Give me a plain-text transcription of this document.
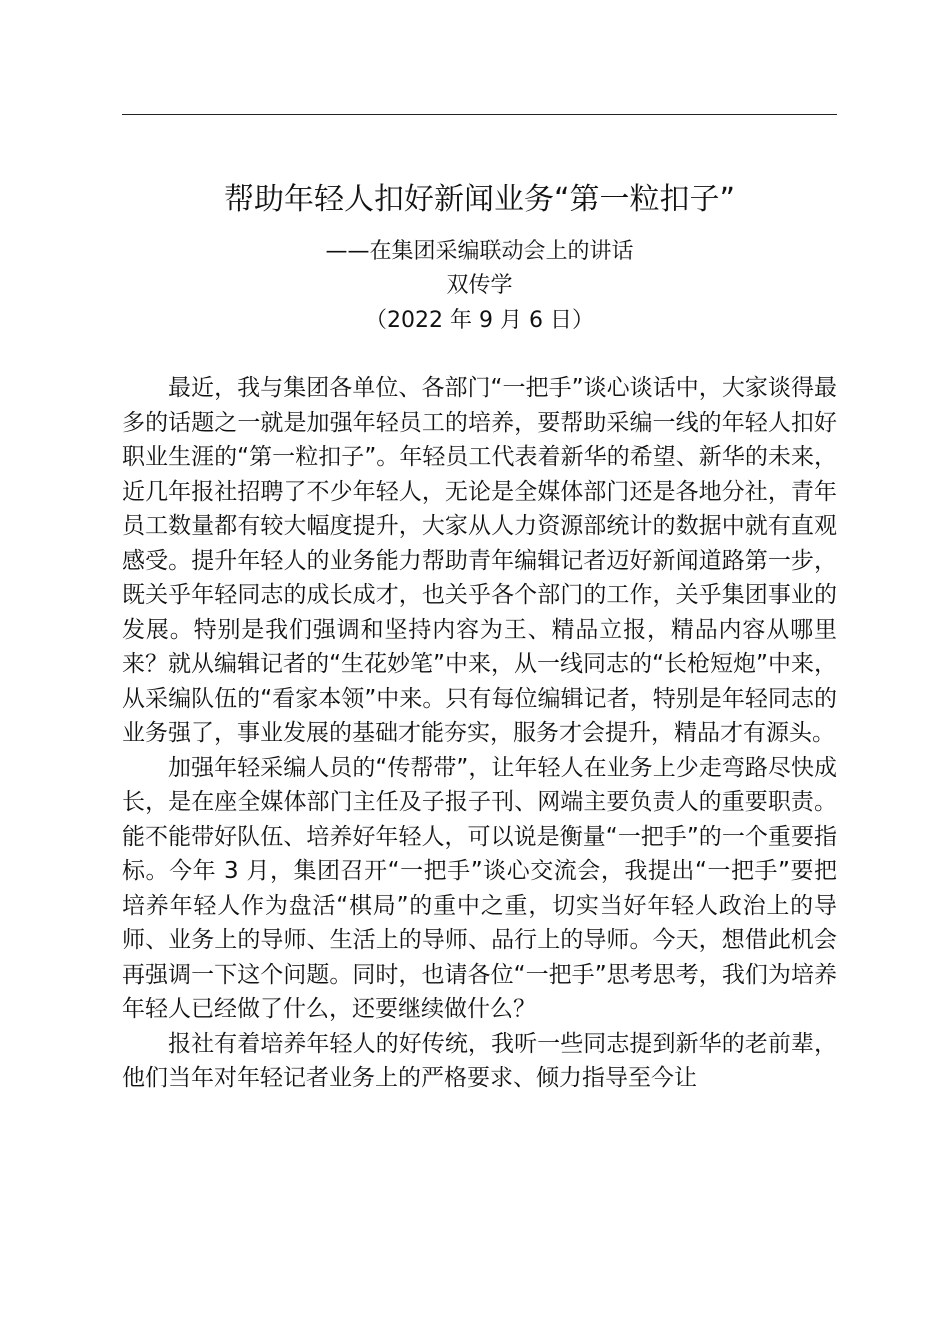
帮助年轻人扣好新闻业务“第一粒扣子”
——在集团采编联动会上的讲话
双传学
（2022 年 9 月 6 日）

最近，我与集团各单位、各部门“一把手”谈心谈话中，大家谈得最多的话题之一就是加强年轻员工的培养，要帮助采编一线的年轻人扣好职业生涯的“第一粒扣子”。年轻员工代表着新华的希望、新华的未来，近几年报社招聘了不少年轻人，无论是全媒体部门还是各地分社，青年员工数量都有较大幅度提升，大家从人力资源部统计的数据中就有直观感受。提升年轻人的业务能力帮助青年编辑记者迈好新闻道路第一步，既关乎年轻同志的成长成才，也关乎各个部门的工作，关乎集团事业的发展。特别是我们强调和坚持内容为王、精品立报，精品内容从哪里来？就从编辑记者的“生花妙笔”中来，从一线同志的“长枪短炮”中来，从采编队伍的“看家本领”中来。只有每位编辑记者，特别是年轻同志的业务强了，事业发展的基础才能夯实，服务才会提升，精品才有源头。

加强年轻采编人员的“传帮带”，让年轻人在业务上少走弯路尽快成长，是在座全媒体部门主任及子报子刊、网端主要负责人的重要职责。能不能带好队伍、培养好年轻人，可以说是衡量“一把手”的一个重要指标。今年 3 月，集团召开“一把手”谈心交流会，我提出“一把手”要把培养年轻人作为盘活“棋局”的重中之重，切实当好年轻人政治上的导师、业务上的导师、生活上的导师、品行上的导师。今天，想借此机会再强调一下这个问题。同时，也请各位“一把手”思考思考，我们为培养年轻人已经做了什么，还要继续做什么？

报社有着培养年轻人的好传统，我听一些同志提到新华的老前辈，他们当年对年轻记者业务上的严格要求、倾力指导至今让
